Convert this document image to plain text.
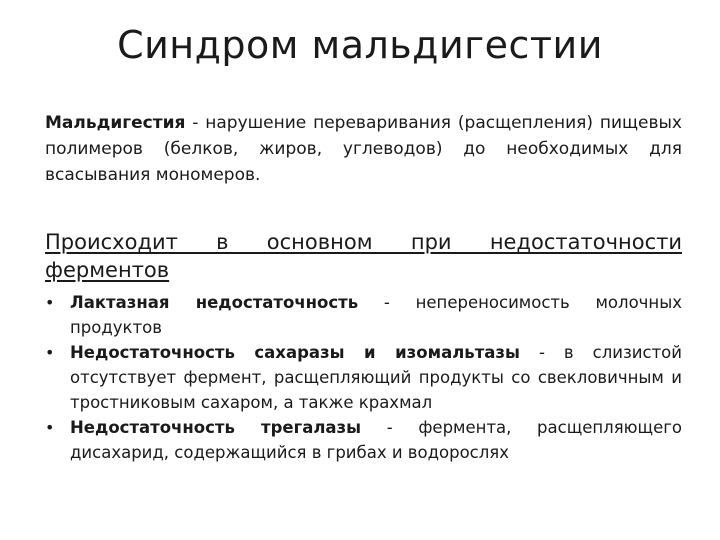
Синдром мальдигестии

Мальдигестия - нарушение переваривания (расщепления) пищевых полимеров (белков, жиров, углеводов) до необходимых для всасывания мономеров.

Происходит в основном при недостаточности ферментов

• Лактазная недостаточность - непереносимость молочных продуктов
• Недостаточность сахаразы и изомальтазы - в слизистой отсутствует фермент, расщепляющий продукты со свекловичным и тростниковым сахаром, а также крахмал
• Недостаточность трегалазы - фермента, расщепляющего дисахарид, содержащийся в грибах и водорослях
